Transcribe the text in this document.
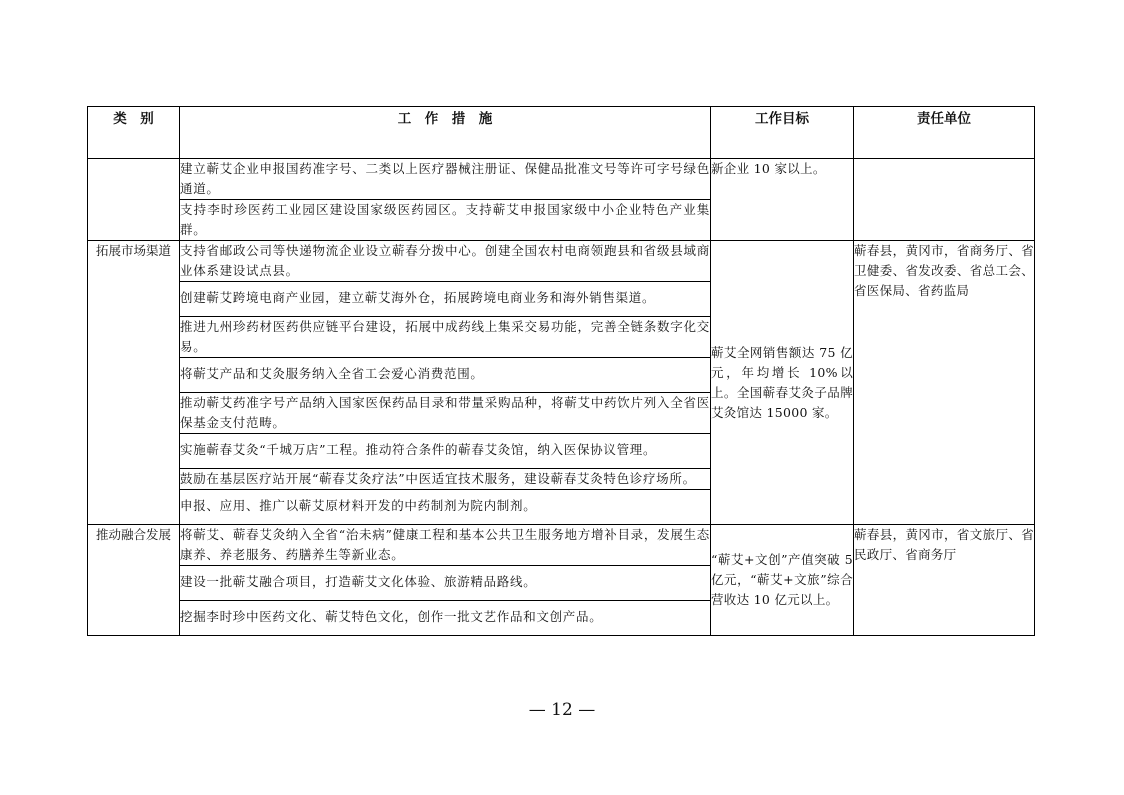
类　别	工　作　措　施	工作目标	责任单位
	建立蕲艾企业申报国药准字号、二类以上医疗器械注册证、保健品批准文号等许可字号绿色通道。	新企业 10 家以上。	
	支持李时珍医药工业园区建设国家级医药园区。支持蕲艾申报国家级中小企业特色产业集群。		
拓展市场渠道	支持省邮政公司等快递物流企业设立蕲春分拨中心。创建全国农村电商领跑县和省级县域商业体系建设试点县。	蕲艾全网销售额达 75 亿元，年均增长 10%以上。全国蕲春艾灸子品牌艾灸馆达 15000 家。	蕲春县，黄冈市，省商务厅、省卫健委、省发改委、省总工会、省医保局、省药监局
	创建蕲艾跨境电商产业园，建立蕲艾海外仓，拓展跨境电商业务和海外销售渠道。		
	推进九州珍药材医药供应链平台建设，拓展中成药线上集采交易功能，完善全链条数字化交易。		
	将蕲艾产品和艾灸服务纳入全省工会爱心消费范围。		
	推动蕲艾药准字号产品纳入国家医保药品目录和带量采购品种，将蕲艾中药饮片列入全省医保基金支付范畴。		
	实施蕲春艾灸“千城万店”工程。推动符合条件的蕲春艾灸馆，纳入医保协议管理。		
	鼓励在基层医疗站开展“蕲春艾灸疗法”中医适宜技术服务，建设蕲春艾灸特色诊疗场所。		
	申报、应用、推广以蕲艾原材料开发的中药制剂为院内制剂。		
推动融合发展	将蕲艾、蕲春艾灸纳入全省“治未病”健康工程和基本公共卫生服务地方增补目录，发展生态康养、养老服务、药膳养生等新业态。	“蕲艾+文创”产值突破 5 亿元，“蕲艾+文旅”综合营收达 10 亿元以上。	蕲春县，黄冈市，省文旅厅、省民政厅、省商务厅
	建设一批蕲艾融合项目，打造蕲艾文化体验、旅游精品路线。		
	挖掘李时珍中医药文化、蕲艾特色文化，创作一批文艺作品和文创产品。		
— 12 —
